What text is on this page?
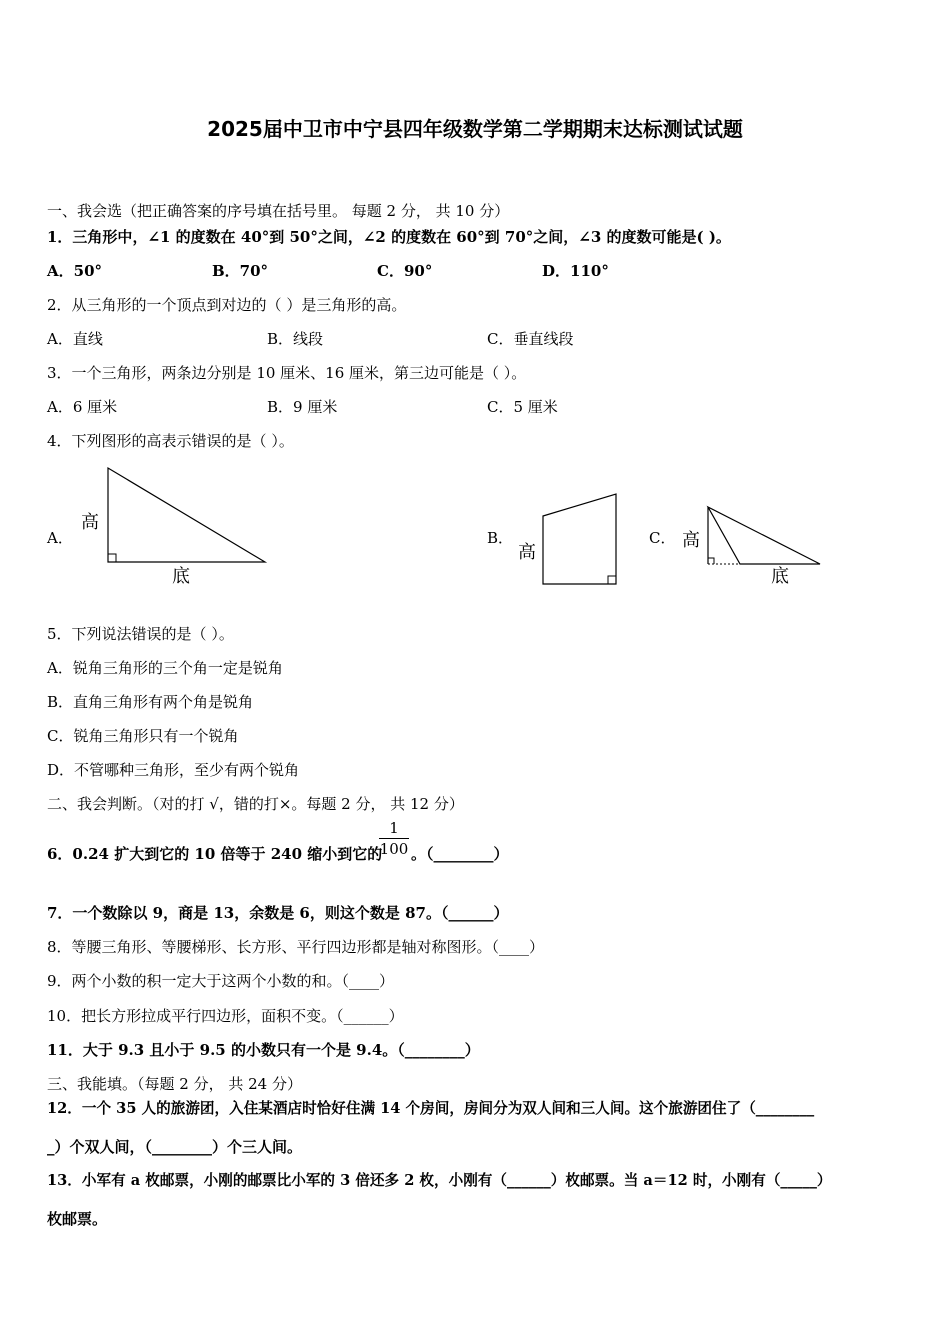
2025届中卫市中宁县四年级数学第二学期期末达标测试试题
一、我会选（把正确答案的序号填在括号里。 每题 2 分， 共 10 分）
1．三角形中，∠1 的度数在 40°到 50°之间，∠2 的度数在 60°到 70°之间，∠3 的度数可能是( )。
A．50°	B．70°	C．90°	D．110°
2．从三角形的一个顶点到对边的（ ）是三角形的高。
A．直线	B．线段	C．垂直线段
3．一个三角形，两条边分别是 10 厘米、16 厘米，第三边可能是（ ）。
A．6 厘米	B．9 厘米	C．5 厘米
4．下列图形的高表示错误的是（ ）。
A．
高
底
B．
高
C． 高
底
5．下列说法错误的是（ ）。
A．锐角三角形的三个角一定是锐角
B．直角三角形有两个角是锐角
C．锐角三角形只有一个锐角
D．不管哪种三角形，至少有两个锐角
二、我会判断。（对的打 √，错的打×。每题 2 分， 共 12 分）
6．0.24 扩大到它的 10 倍等于 240 缩小到它的
1
100 。（________）
7．一个数除以 9，商是 13，余数是 6，则这个数是 87。（______）
8．等腰三角形、等腰梯形、长方形、平行四边形都是轴对称图形。（____）
9．两个小数的积一定大于这两个小数的和。（____）
10．把长方形拉成平行四边形，面积不变。（______）
11．大于 9.3 且小于 9.5 的小数只有一个是 9.4。（________）
三、我能填。（每题 2 分， 共 24 分）
12．一个 35 人的旅游团，入住某酒店时恰好住满 14 个房间，房间分为双人间和三人间。这个旅游团住了（________
_）个双人间，（________）个三人间。
13．小军有 a 枚邮票，小刚的邮票比小军的 3 倍还多 2 枚，小刚有（______）枚邮票。当 a＝12 时，小刚有（_____）
枚邮票。
